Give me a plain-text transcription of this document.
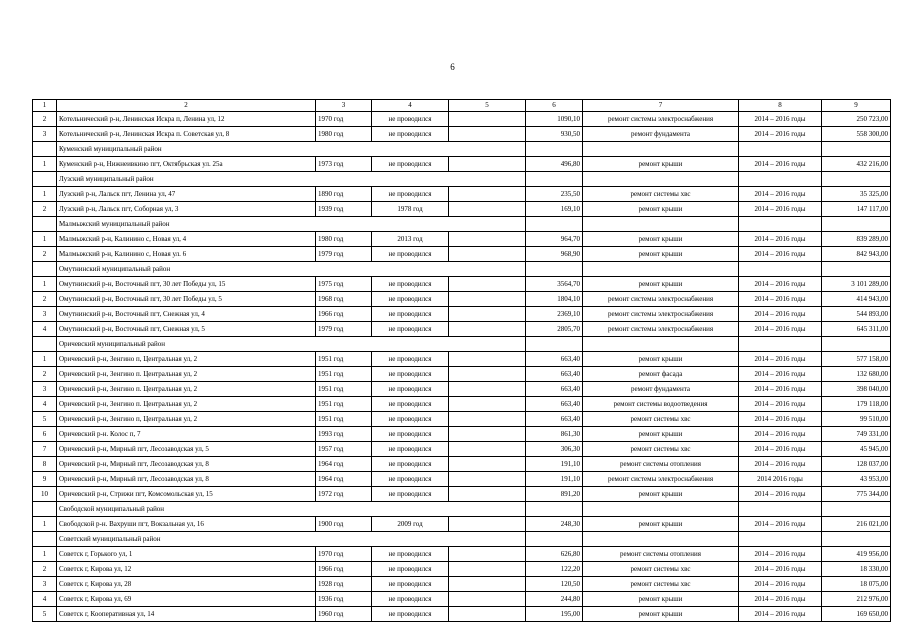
6
1	2	3	4	5	6	7	8	9
2	Котельнический р-н, Ленинская Искра п, Ленина ул, 12	1970 год	не проводился		1090,10	ремонт системы электроснабжения	2014 – 2016 годы	250 723,00
3	Котельнический р-н, Ленинская Искра п. Советская ул, 8	1980 год	не проводился		930,50	ремонт фундамента	2014 – 2016 годы	558 300,00
	Куменский муниципальный район							
1	Куменский р-н, Нижнеивкино пгт, Октябрьская ул. 25а	1973 год	не проводился		496,80	ремонт крыши	2014 – 2016 годы	432 216,00
	Лузский муниципальный район							
1	Лузский р-н, Лальск пгт, Ленина ул, 47	1890 год	не проводился		235,50	ремонт системы хвс	2014 – 2016 годы	35 325,00
2	Лузский р-н, Лальск пгт, Соборная ул, 3	1939 год	1978 год		169,10	ремонт крыши	2014 – 2016 годы	147 117,00
	Малмыжский муниципальный район							
1	Малмыжский р-н, Калинино с, Новая ул, 4	1980 год	2013 год		964,70	ремонт крыши	2014 – 2016 годы	839 289,00
2	Малмыжский р-н, Калинино с, Новая ул. 6	1979 год	не проводился		968,90	ремонт крыши	2014 – 2016 годы	842 943,00
	Омутнинский муниципальный район							
1	Омутнинский р-н, Восточный пгт, 30 лет Победы ул, 15	1975 год	не проводился		3564,70	ремонт крыши	2014 – 2016 годы	3 101 289,00
2	Омутнинский р-н, Восточный пгт, 30 лет Победы ул, 5	1968 год	не проводился		1804,10	ремонт системы электроснабжения	2014 – 2016 годы	414 943,00
3	Омутнинский р-н, Восточный пгт, Снежная ул, 4	1966 год	не проводился		2369,10	ремонт системы электроснабжения	2014 – 2016 годы	544 893,00
4	Омутнинский р-н, Восточный пгт, Снежная ул, 5	1979 год	не проводился		2805,70	ремонт системы электроснабжения	2014 – 2016 годы	645 311,00
	Оричевский муниципальный район							
1	Оричевский р-н, Зенгино п, Центральная ул, 2	1951 год	не проводился		663,40	ремонт крыши	2014 – 2016 годы	577 158,00
2	Оричевский р-н, Зенгино п. Центральная ул, 2	1951 год	не проводился		663,40	ремонт фасада	2014 – 2016 годы	132 680,00
3	Оричевский р-н, Зенгино п. Центральная ул, 2	1951 год	не проводился		663,40	ремонт фундамента	2014 – 2016 годы	398 040,00
4	Оричевский р-н, Зенгино п. Центральная ул, 2	1951 год	не проводился		663,40	ремонт системы водоотведения	2014 – 2016 годы	179 118,00
5	Оричевский р-н, Зенгино п, Центральная ул, 2	1951 год	не проводился		663,40	ремонт системы хвс	2014 – 2016 годы	99 510,00
6	Оричевский р-н. Колос п, 7	1993 год	не проводился		861,30	ремонт крыши	2014 – 2016 годы	749 331,00
7	Оричевский р-н, Мирный пгт, Лесозаводская ул, 5	1957 год	не проводился		306,30	ремонт системы хвс	2014 – 2016 годы	45 945,00
8	Оричевский р-н, Мирный пгт, Лесозаводская ул, 8	1964 год	не проводился		191,10	ремонт системы отопления	2014 – 2016 годы	128 037,00
9	Оричевский р-н, Мирный пгт, Лесозаводская ул, 8	1964 год	не проводился		191,10	ремонт системы электроснабжения	2014 2016 годы	43 953,00
10	Оричевский р-н, Стрижи пгт, Комсомольская ул, 15	1972 год	не проводился		891,20	ремонт крыши	2014 – 2016 годы	775 344,00
	Свободской муниципальный район							
1	Свободской р-н. Вахруши пгт, Вокзальная ул, 16	1900 год	2009 год		248,30	ремонт крыши	2014 – 2016 годы	216 021,00
	Советский муниципальный район							
1	Советск г, Горького ул, 1	1970 год	не проводился		626,80	ремонт системы отопления	2014 – 2016 годы	419 956,00
2	Советск г, Кирова ул, 12	1966 год	не проводился		122,20	ремонт системы хвс	2014 – 2016 годы	18 330,00
3	Советск г, Кирова ул, 28	1928 год	не проводился		120,50	ремонт системы хвс	2014 – 2016 годы	18 075,00
4	Советск г, Кирова ул, 69	1936 год	не проводился		244,80	ремонт крыши	2014 – 2016 годы	212 976,00
5	Советск г, Кооперативная ул, 14	1960 год	не проводился		195,00	ремонт крыши	2014 – 2016 годы	169 650,00
